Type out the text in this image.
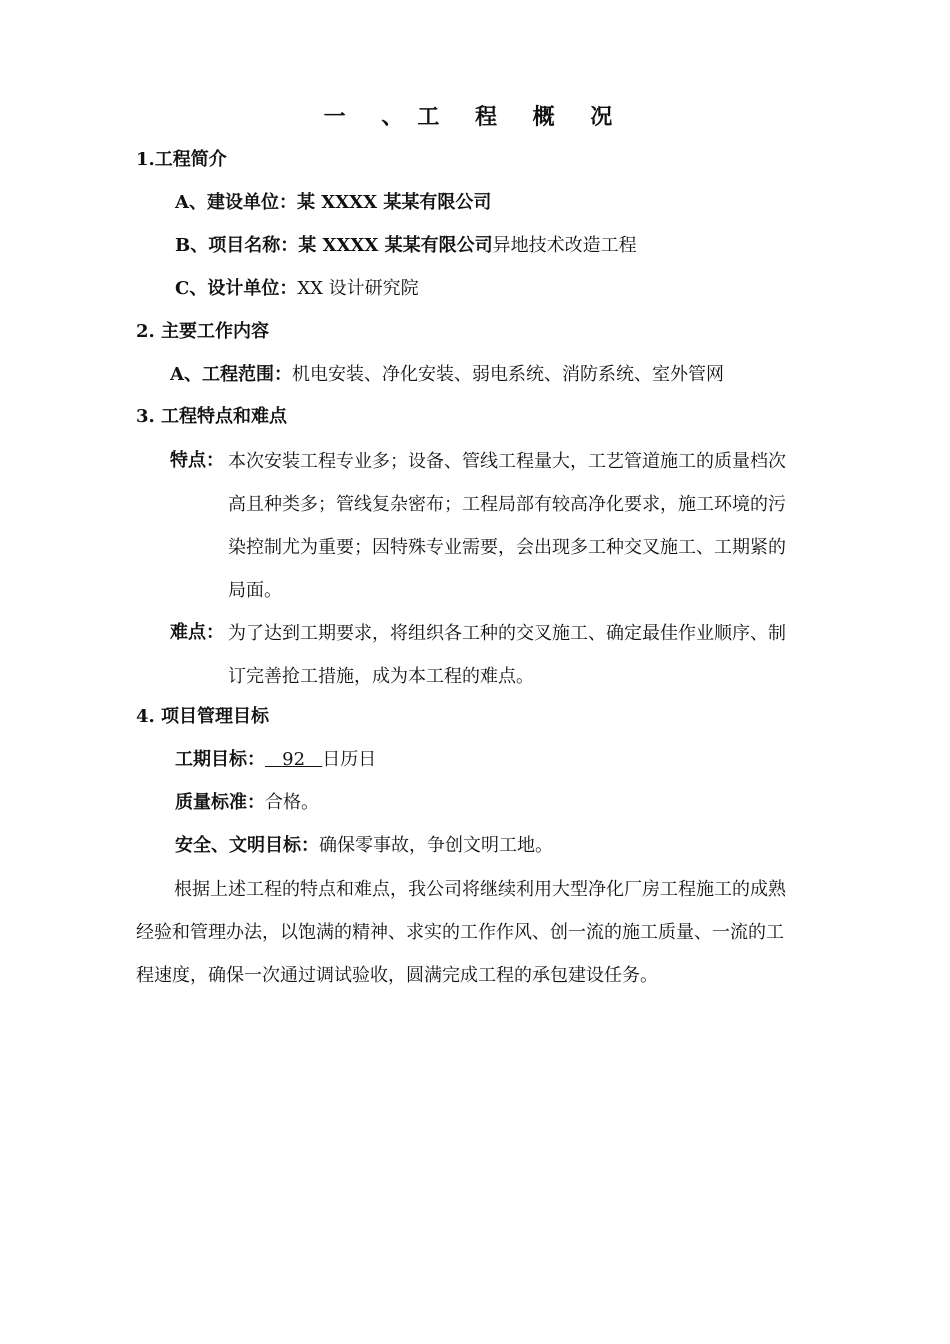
一 、工 程 概 况
1.工程简介
A、建设单位：某 XXXX 某某有限公司
B、项目名称：某 XXXX 某某有限公司异地技术改造工程
C、设计单位：XX 设计研究院
2. 主要工作内容
A、工程范围：机电安装、净化安装、弱电系统、消防系统、室外管网
3. 工程特点和难点
特点： 本次安装工程专业多；设备、管线工程量大，工艺管道施工的质量档次
高且种类多；管线复杂密布；工程局部有较高净化要求，施工环境的污
染控制尤为重要；因特殊专业需要，会出现多工种交叉施工、工期紧的
局面。
难点： 为了达到工期要求，将组织各工种的交叉施工、确定最佳作业顺序、制
订完善抢工措施，成为本工程的难点。
4. 项目管理目标
工期目标： 92 日历日
质量标准：合格。
安全、文明目标：确保零事故，争创文明工地。
根据上述工程的特点和难点，我公司将继续利用大型净化厂房工程施工的成熟
经验和管理办法，以饱满的精神、求实的工作作风、创一流的施工质量、一流的工
程速度，确保一次通过调试验收，圆满完成工程的承包建设任务。
